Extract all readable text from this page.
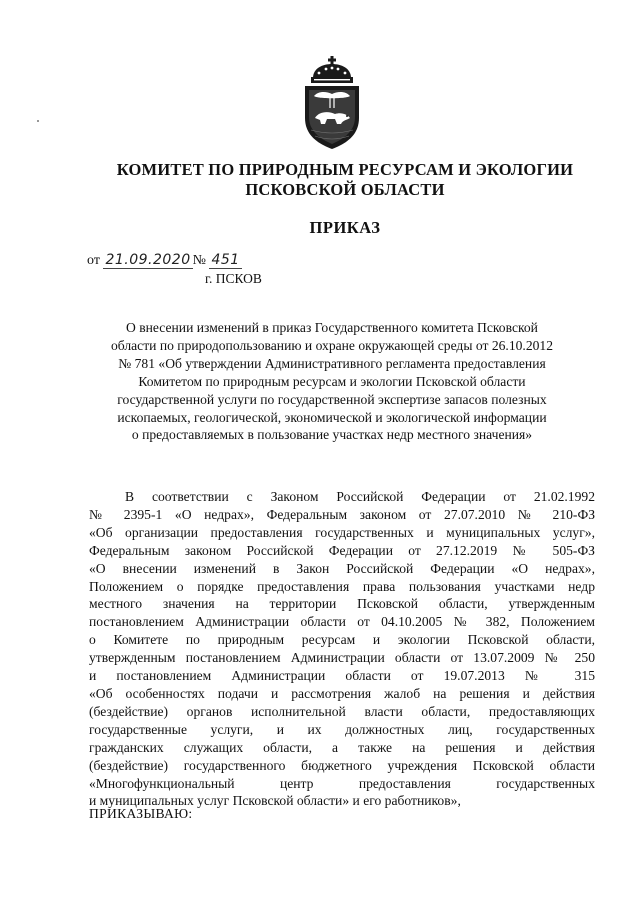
КОМИТЕТ ПО ПРИРОДНЫМ РЕСУРСАМ И ЭКОЛОГИИ
ПСКОВСКОЙ ОБЛАСТИ
ПРИКАЗ
от 21.09.2020 № 451
г. ПСКОВ
О внесении изменений в приказ Государственного комитета Псковской
области по природопользованию и охране окружающей среды от 26.10.2012
№ 781 «Об утверждении Административного регламента предоставления
Комитетом по природным ресурсам и экологии Псковской области
государственной услуги по государственной экспертизе запасов полезных
ископаемых, геологической, экономической и экологической информации
о предоставляемых в пользование участках недр местного значения»
В соответствии с Законом Российской Федерации от 21.02.1992
№ 2395-1 «О недрах», Федеральным законом от 27.07.2010 № 210-ФЗ
«Об организации предоставления государственных и муниципальных услуг»,
Федеральным законом Российской Федерации от 27.12.2019 № 505-ФЗ
«О внесении изменений в Закон Российской Федерации «О недрах»,
Положением о порядке предоставления права пользования участками недр
местного значения на территории Псковской области, утвержденным
постановлением Администрации области от 04.10.2005 № 382, Положением
о Комитете по природным ресурсам и экологии Псковской области,
утвержденным постановлением Администрации области от 13.07.2009 № 250
и постановлением Администрации области от 19.07.2013 № 315
«Об особенностях подачи и рассмотрения жалоб на решения и действия
(бездействие) органов исполнительной власти области, предоставляющих
государственные услуги, и их должностных лиц, государственных
гражданских служащих области, а также на решения и действия
(бездействие) государственного бюджетного учреждения Псковской области
«Многофункциональный центр предоставления государственных
и муниципальных услуг Псковской области» и его работников»,
ПРИКАЗЫВАЮ:
